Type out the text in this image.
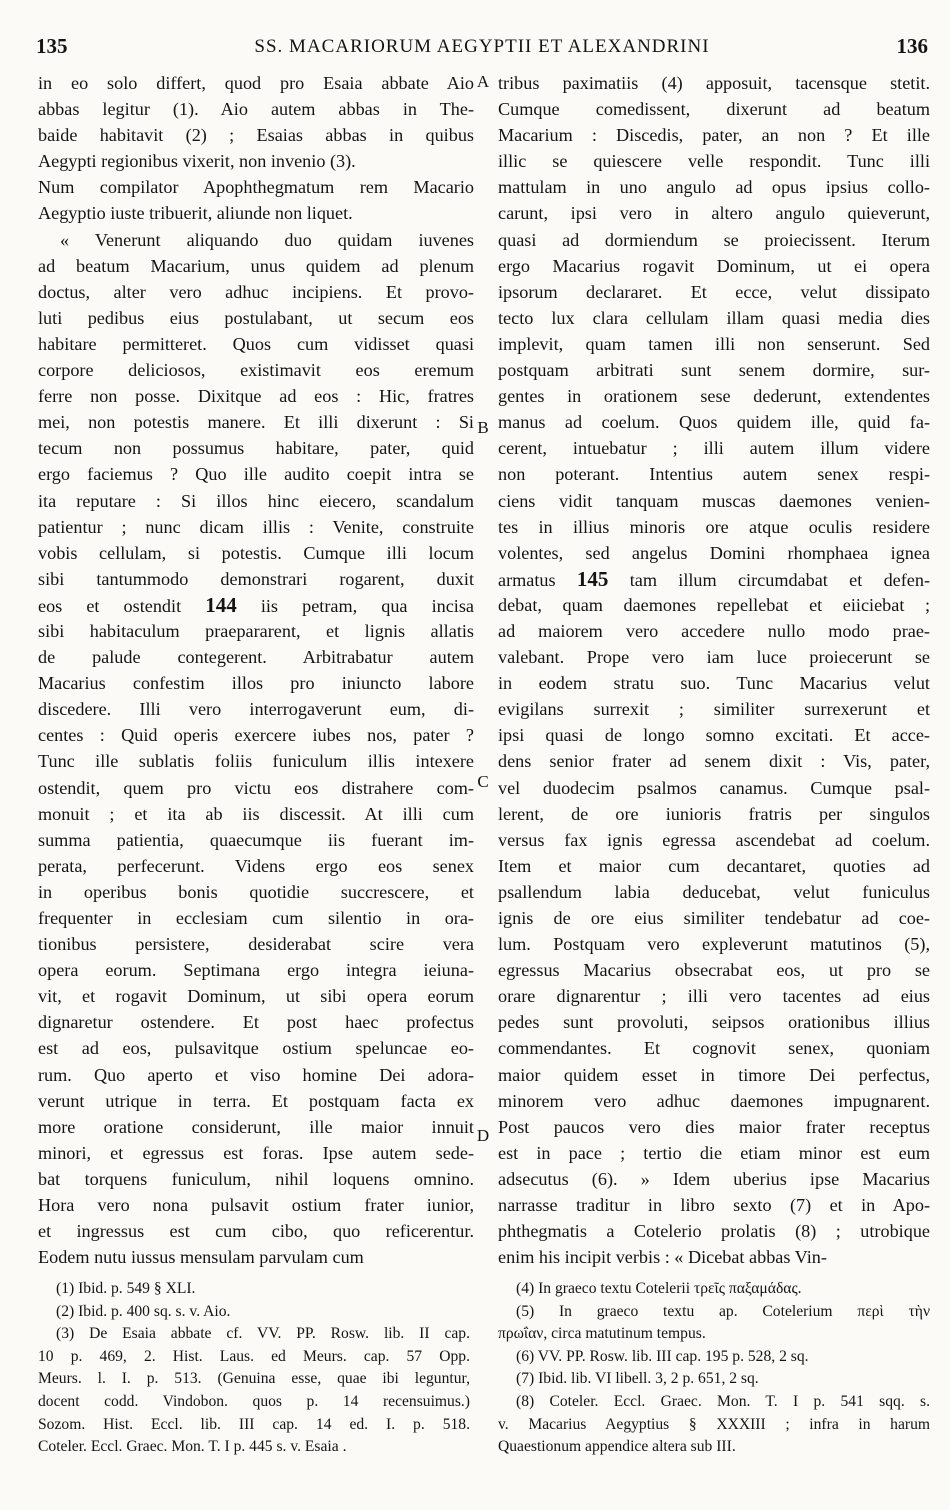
135	SS. MACARIORUM AEGYPTII ET ALEXANDRINI	136
in eo solo differt, quod pro Esaia abbate Aio
abbas legitur (1). Aio autem abbas in The-
baide habitavit (2) ; Esaias abbas in quibus
Aegypti regionibus vixerit, non invenio (3).
Num compilator Apophthegmatum rem Macario
Aegyptio iuste tribuerit, aliunde non liquet.
« Venerunt aliquando duo quidam iuvenes
ad beatum Macarium, unus quidem ad plenum
doctus, alter vero adhuc incipiens. Et provo-
luti pedibus eius postulabant, ut secum eos
habitare permitteret. Quos cum vidisset quasi
corpore deliciosos, existimavit eos eremum
ferre non posse. Dixitque ad eos : Hic, fratres
mei, non potestis manere. Et illi dixerunt : Si
tecum non possumus habitare, pater, quid
ergo faciemus ? Quo ille audito coepit intra se
ita reputare : Si illos hinc eiecero, scandalum
patientur ; nunc dicam illis : Venite, construite
vobis cellulam, si potestis. Cumque illi locum
sibi tantummodo demonstrari rogarent, duxit
eos et ostendit 144 iis petram, qua incisa
sibi habitaculum praepararent, et lignis allatis
de palude contegerent. Arbitrabatur autem
Macarius confestim illos pro iniuncto labore
discedere. Illi vero interrogaverunt eum, di-
centes : Quid operis exercere iubes nos, pater ?
Tunc ille sublatis foliis funiculum illis intexere
ostendit, quem pro victu eos distrahere com-
monuit ; et ita ab iis discessit. At illi cum
summa patientia, quaecumque iis fuerant im-
perata, perfecerunt. Videns ergo eos senex
in operibus bonis quotidie succrescere, et
frequenter in ecclesiam cum silentio in ora-
tionibus persistere, desiderabat scire vera
opera eorum. Septimana ergo integra ieiuna-
vit, et rogavit Dominum, ut sibi opera eorum
dignaretur ostendere. Et post haec profectus
est ad eos, pulsavitque ostium speluncae eo-
rum. Quo aperto et viso homine Dei adora-
verunt utrique in terra. Et postquam facta ex
more oratione considerunt, ille maior innuit
minori, et egressus est foras. Ipse autem sede-
bat torquens funiculum, nihil loquens omnino.
Hora vero nona pulsavit ostium frater iunior,
et ingressus est cum cibo, quo reficerentur.
Eodem nutu iussus mensulam parvulam cum
tribus paximatiis (4) apposuit, tacensque stetit.
Cumque comedissent, dixerunt ad beatum
Macarium : Discedis, pater, an non ? Et ille
illic se quiescere velle respondit. Tunc illi
mattulam in uno angulo ad opus ipsius collo-
carunt, ipsi vero in altero angulo quieverunt,
quasi ad dormiendum se proiecissent. Iterum
ergo Macarius rogavit Dominum, ut ei opera
ipsorum declararet. Et ecce, velut dissipato
tecto lux clara cellulam illam quasi media dies
implevit, quam tamen illi non senserunt. Sed
postquam arbitrati sunt senem dormire, sur-
gentes in orationem sese dederunt, extendentes
manus ad coelum. Quos quidem ille, quid fa-
cerent, intuebatur ; illi autem illum videre
non poterant. Intentius autem senex respi-
ciens vidit tanquam muscas daemones venien-
tes in illius minoris ore atque oculis residere
volentes, sed angelus Domini rhomphaea ignea
armatus 145 tam illum circumdabat et defen-
debat, quam daemones repellebat et eiiciebat ;
ad maiorem vero accedere nullo modo prae-
valebant. Prope vero iam luce proiecerunt se
in eodem stratu suo. Tunc Macarius velut
evigilans surrexit ; similiter surrexerunt et
ipsi quasi de longo somno excitati. Et acce-
dens senior frater ad senem dixit : Vis, pater,
vel duodecim psalmos canamus. Cumque psal-
lerent, de ore iunioris fratris per singulos
versus fax ignis egressa ascendebat ad coelum.
Item et maior cum decantaret, quoties ad
psallendum labia deducebat, velut funiculus
ignis de ore eius similiter tendebatur ad coe-
lum. Postquam vero expleverunt matutinos (5),
egressus Macarius obsecrabat eos, ut pro se
orare dignarentur ; illi vero tacentes ad eius
pedes sunt provoluti, seipsos orationibus illius
commendantes. Et cognovit senex, quoniam
maior quidem esset in timore Dei perfectus,
minorem vero adhuc daemones impugnarent.
Post paucos vero dies maior frater receptus
est in pace ; tertio die etiam minor est eum
adsecutus (6). » Idem uberius ipse Macarius
narrasse traditur in libro sexto (7) et in Apo-
phthegmatis a Cotelerio prolatis (8) ; utrobique
enim his incipit verbis : « Dicebat abbas Vin-
A
B
C
D
(1) Ibid. p. 549 § XLI.
(2) Ibid. p. 400 sq. s. v. Aio.
(3) De Esaia abbate cf. VV. PP. Rosw. lib. II cap.
10 p. 469, 2. Hist. Laus. ed Meurs. cap. 57 Opp.
Meurs. l. I. p. 513. (Genuina esse, quae ibi leguntur,
docent codd. Vindobon. quos p. 14 recensuimus.)
Sozom. Hist. Eccl. lib. III cap. 14 ed. I. p. 518.
Coteler. Eccl. Graec. Mon. T. I p. 445 s. v. Esaia .
(4) In graeco textu Cotelerii τρεῖς παξαμάδας.
(5) In graeco textu ap. Cotelerium περὶ τὴν
πρωΐαν, circa matutinum tempus.
(6) VV. PP. Rosw. lib. III cap. 195 p. 528, 2 sq.
(7) Ibid. lib. VI libell. 3, 2 p. 651, 2 sq.
(8) Coteler. Eccl. Graec. Mon. T. I p. 541 sqq. s.
v. Macarius Aegyptius § XXXIII ; infra in harum
Quaestionum appendice altera sub III.
